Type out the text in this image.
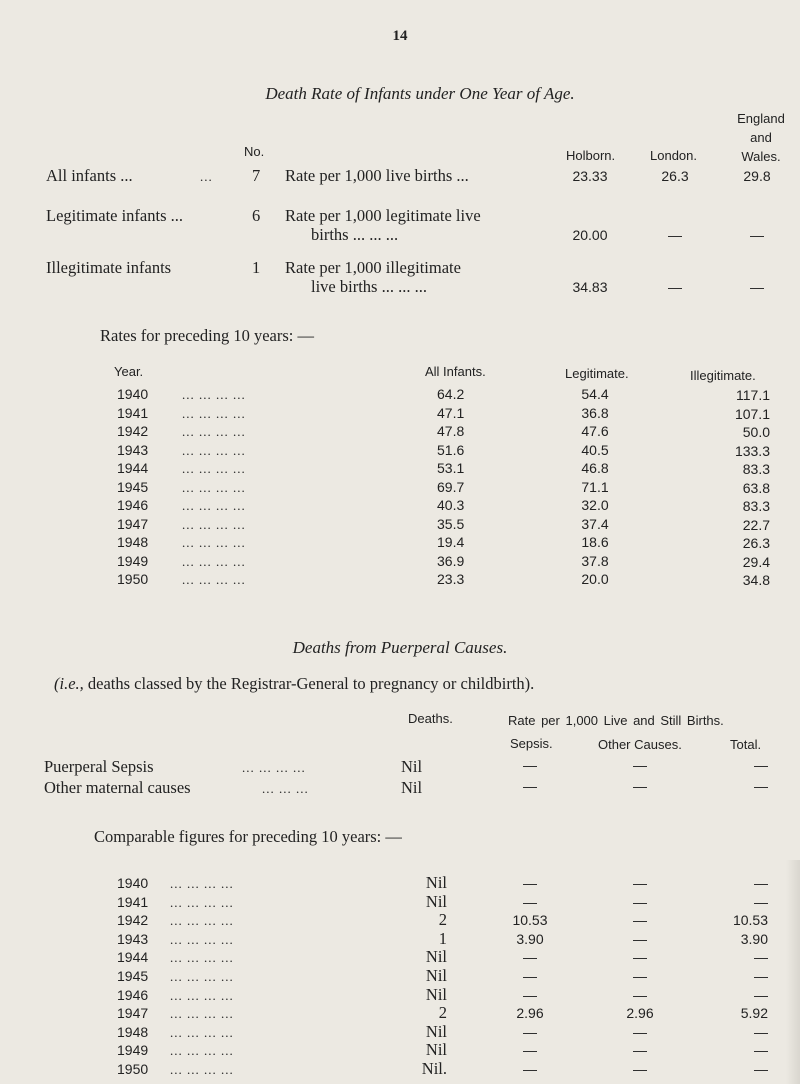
14
Death Rate of Infants under One Year of Age.
England
and
Wales.
No.	Holborn.	London.
All infants ...	... 7 Rate per 1,000 live births ...	23.33	26.3	29.8
Legitimate infants ...	6 Rate per 1,000 legitimate live
births ... ... ...	20.00	—	—
Illegitimate infants	1 Rate per 1,000 illegitimate
live births ... ... ...	34.83	—	—
Rates for preceding 10 years: —
Year.	All Infants.	Legitimate.	Illegitimate.
1940	... ... ... ...	64.2	54.4	117.1
1941	... ... ... ...	47.1	36.8	107.1
1942	... ... ... ...	47.8	47.6	50.0
1943	... ... ... ...	51.6	40.5	133.3
1944	... ... ... ...	53.1	46.8	83.3
1945	... ... ... ...	69.7	71.1	63.8
1946	... ... ... ...	40.3	32.0	83.3
1947	... ... ... ...	35.5	37.4	22.7
1948	... ... ... ...	19.4	18.6	26.3
1949	... ... ... ...	36.9	37.8	29.4
1950	... ... ... ...	23.3	20.0	34.8
Deaths from Puerperal Causes.
(i.e., deaths classed by the Registrar-General to pregnancy or childbirth).
Deaths.	Rate per 1,000 Live and Still Births.
Sepsis.	Other Causes.	Total.
Puerperal Sepsis	... ... ... ...	Nil	—	—	—
Other maternal causes	... ... ...	Nil	—	—	—
Comparable figures for preceding 10 years: —
1940 ... ... ... ...	Nil	—	—	—
1941 ... ... ... ...	Nil	—	—	—
1942 ... ... ... ...	2	10.53	—	10.53
1943 ... ... ... ...	1	3.90	—	3.90
1944 ... ... ... ...	Nil	—	—	—
1945 ... ... ... ...	Nil	—	—	—
1946 ... ... ... ...	Nil	—	—	—
1947 ... ... ... ...	2	2.96	2.96	5.92
1948 ... ... ... ...	Nil	—	—	—
1949 ... ... ... ...	Nil	—	—	—
1950 ... ... ... ...	Nil.	—	—	—
